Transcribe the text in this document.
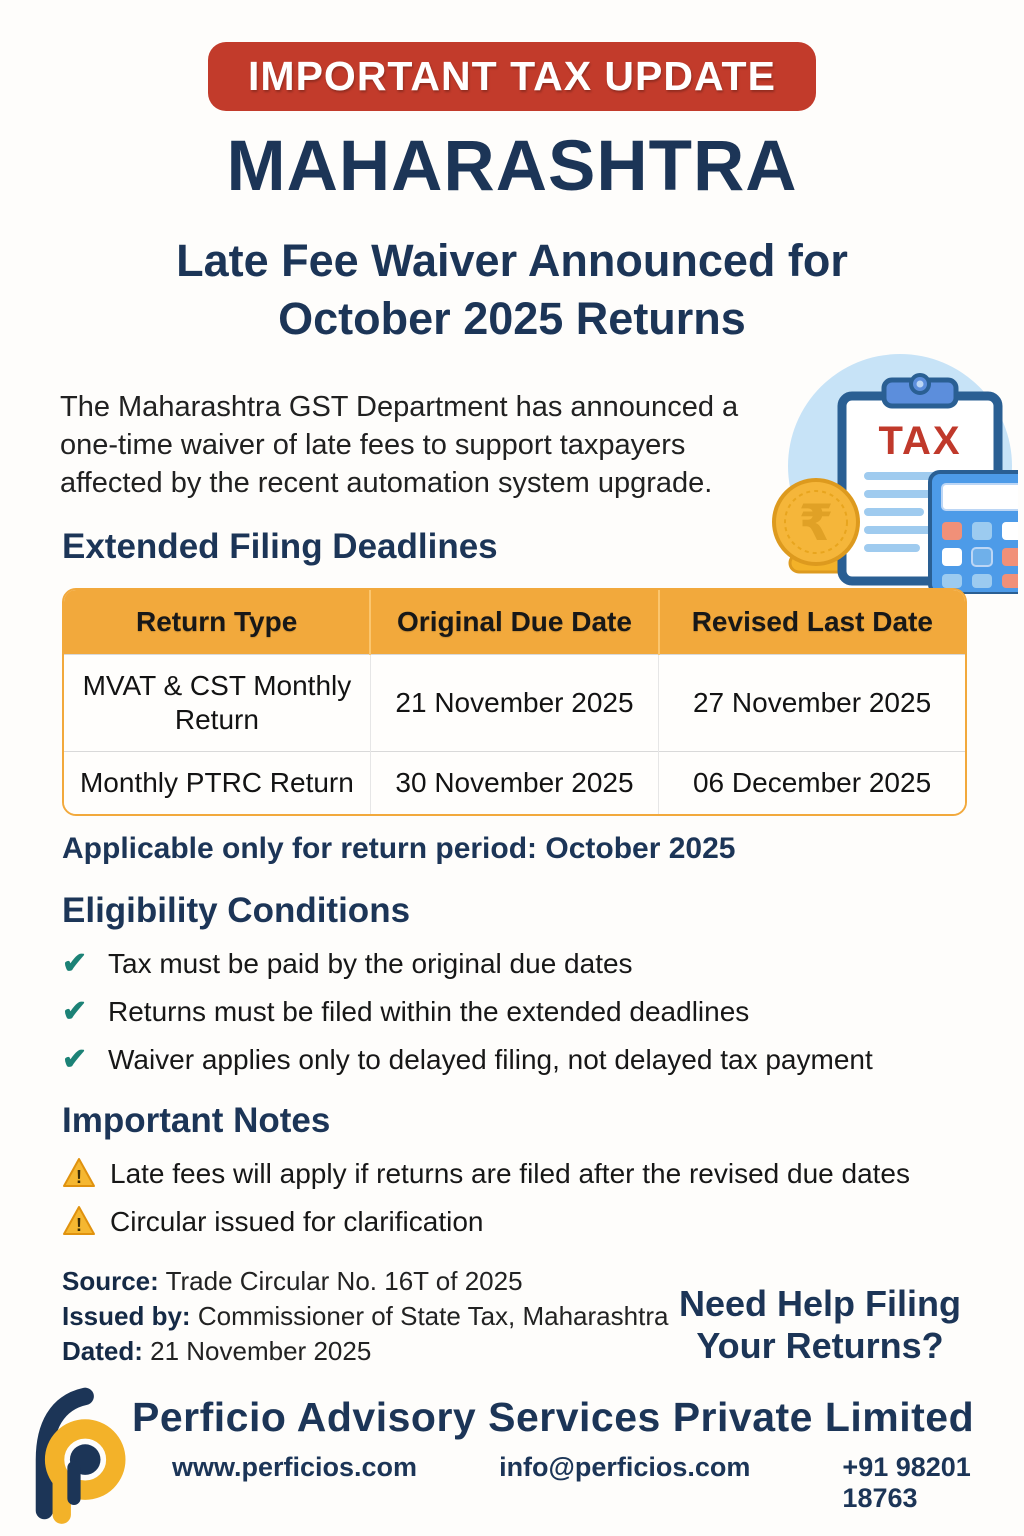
IMPORTANT TAX UPDATE
MAHARASHTRA
Late Fee Waiver Announced for
October 2025 Returns
The Maharashtra GST Department has announced a one-time waiver of late fees to support taxpayers affected by the recent automation system upgrade.
TAX
₹
Extended Filing Deadlines
Return Type	Original Due Date	Revised Last Date
MVAT & CST Monthly Return	21 November 2025	27 November 2025
Monthly PTRC Return	30 November 2025	06 December 2025
Applicable only for return period: October 2025
Eligibility Conditions
✔ Tax must be paid by the original due dates
✔ Returns must be filed within the extended deadlines
✔ Waiver applies only to delayed filing, not delayed tax payment
Important Notes
! Late fees will apply if returns are filed after the revised due dates
! Circular issued for clarification
Source: Trade Circular No. 16T of 2025
Issued by: Commissioner of State Tax, Maharashtra
Dated: 21 November 2025
Need Help Filing
Your Returns?
Perficio Advisory Services Private Limited
www.perficios.com	info@perficios.com	+91 98201 18763
